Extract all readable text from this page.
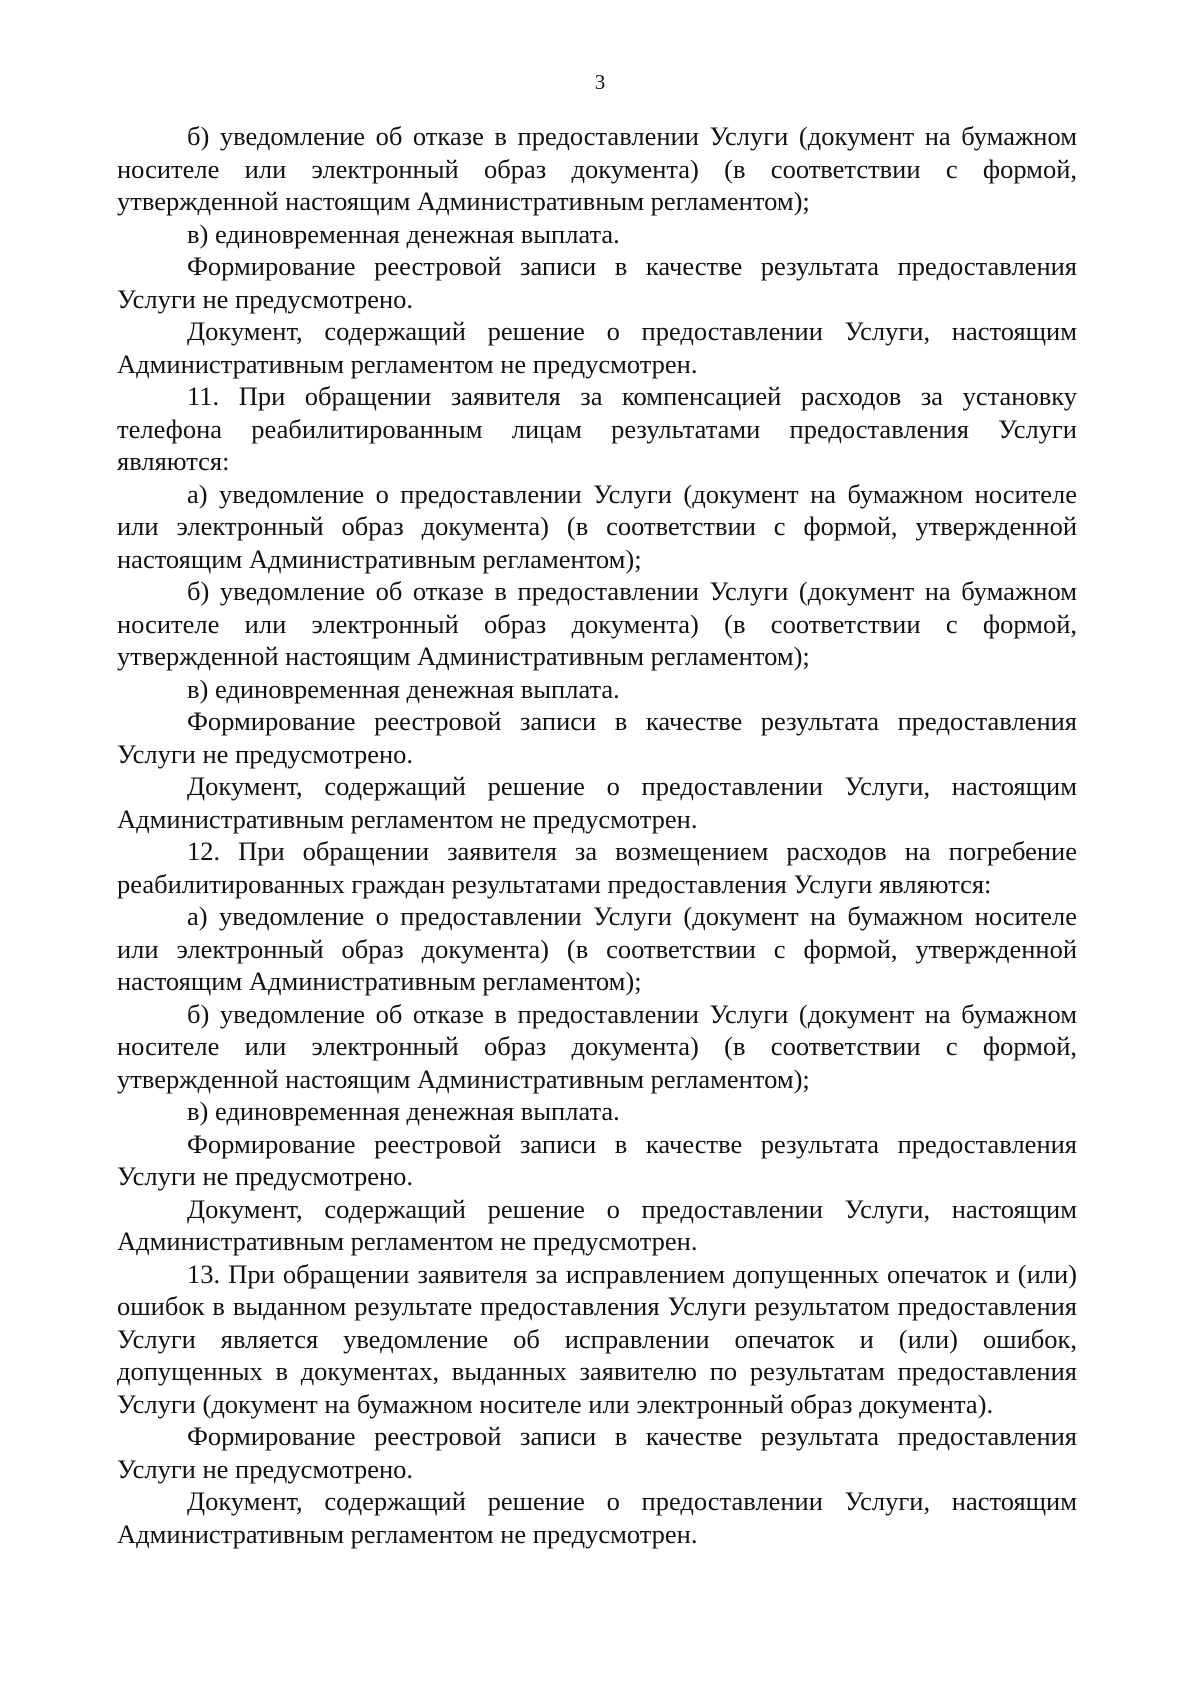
3

б) уведомление об отказе в предоставлении Услуги (документ на бумажном носителе или электронный образ документа) (в соответствии с формой, утвержденной настоящим Административным регламентом);

в) единовременная денежная выплата.

Формирование реестровой записи в качестве результата предоставления Услуги не предусмотрено.

Документ, содержащий решение о предоставлении Услуги, настоящим Административным регламентом не предусмотрен.

11. При обращении заявителя за компенсацией расходов за установку телефона реабилитированным лицам результатами предоставления Услуги являются:

а) уведомление о предоставлении Услуги (документ на бумажном носителе или электронный образ документа) (в соответствии с формой, утвержденной настоящим Административным регламентом);

б) уведомление об отказе в предоставлении Услуги (документ на бумажном носителе или электронный образ документа) (в соответствии с формой, утвержденной настоящим Административным регламентом);

в) единовременная денежная выплата.

Формирование реестровой записи в качестве результата предоставления Услуги не предусмотрено.

Документ, содержащий решение о предоставлении Услуги, настоящим Административным регламентом не предусмотрен.

12. При обращении заявителя за возмещением расходов на погребение реабилитированных граждан результатами предоставления Услуги являются:

а) уведомление о предоставлении Услуги (документ на бумажном носителе или электронный образ документа) (в соответствии с формой, утвержденной настоящим Административным регламентом);

б) уведомление об отказе в предоставлении Услуги (документ на бумажном носителе или электронный образ документа) (в соответствии с формой, утвержденной настоящим Административным регламентом);

в) единовременная денежная выплата.

Формирование реестровой записи в качестве результата предоставления Услуги не предусмотрено.

Документ, содержащий решение о предоставлении Услуги, настоящим Административным регламентом не предусмотрен.

13. При обращении заявителя за исправлением допущенных опечаток и (или) ошибок в выданном результате предоставления Услуги результатом предоставления Услуги является уведомление об исправлении опечаток и (или) ошибок, допущенных в документах, выданных заявителю по результатам предоставления Услуги (документ на бумажном носителе или электронный образ документа).

Формирование реестровой записи в качестве результата предоставления Услуги не предусмотрено.

Документ, содержащий решение о предоставлении Услуги, настоящим Административным регламентом не предусмотрен.
